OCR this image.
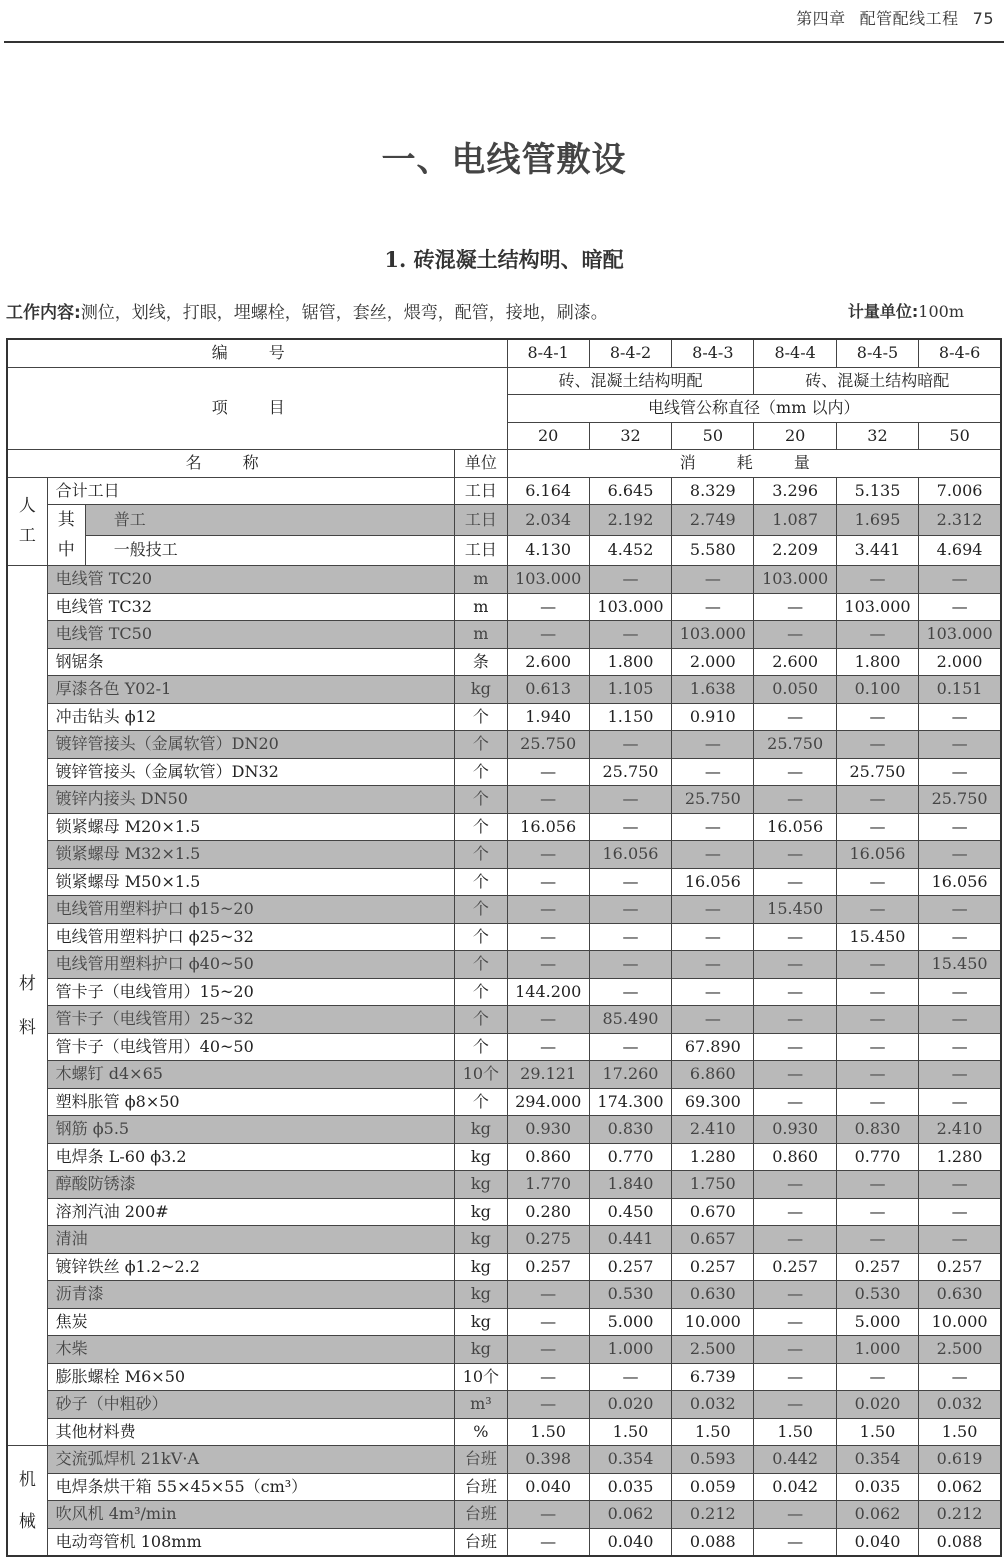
第四章 配管配线工程 75
一、电线管敷设
1. 砖混凝土结构明、暗配
工作内容:测位，划线，打眼，埋螺栓，锯管，套丝，煨弯，配管，接地，刷漆。	计量单位:100m
编 号				8-4-1	8-4-2	8-4-3	8-4-4	8-4-5	8-4-6
项 目				砖、混凝土结构明配			砖、混凝土结构暗配		
				电线管公称直径（mm 以内）					
				20	32	50	20	32	50
名 称			单位	消 耗 量					

人
工	合计工日		工日	6.164	6.645	8.329	3.296	5.135	7.006

	其
中	普工	工日	2.034	2.192	2.749	1.087	1.695	2.312
		一般技工	工日	4.130	4.452	5.580	2.209	3.441	4.694

材
料	电线管 TC20		m	103.000	—	—	103.000	—	—
	电线管 TC32		m	—	103.000	—	—	103.000	—
	电线管 TC50		m	—	—	103.000	—	—	103.000
	钢锯条		条	2.600	1.800	2.000	2.600	1.800	2.000
	厚漆各色 Y02-1		kg	0.613	1.105	1.638	0.050	0.100	0.151
	冲击钻头 ϕ12		个	1.940	1.150	0.910	—	—	—
	镀锌管接头（金属软管）DN20		个	25.750	—	—	25.750	—	—
	镀锌管接头（金属软管）DN32		个	—	25.750	—	—	25.750	—
	镀锌内接头 DN50		个	—	—	25.750	—	—	25.750
	锁紧螺母 M20×1.5		个	16.056	—	—	16.056	—	—
	锁紧螺母 M32×1.5		个	—	16.056	—	—	16.056	—
	锁紧螺母 M50×1.5		个	—	—	16.056	—	—	16.056
	电线管用塑料护口 ϕ15~20		个	—	—	—	15.450	—	—
	电线管用塑料护口 ϕ25~32		个	—	—	—	—	15.450	—
	电线管用塑料护口 ϕ40~50		个	—	—	—	—	—	15.450
	管卡子（电线管用）15~20		个	144.200	—	—	—	—	—
	管卡子（电线管用）25~32		个	—	85.490	—	—	—	—
	管卡子（电线管用）40~50		个	—	—	67.890	—	—	—
	木螺钉 d4×65		10个	29.121	17.260	6.860	—	—	—
	塑料胀管 ϕ8×50		个	294.000	174.300	69.300	—	—	—
	钢筋 ϕ5.5		kg	0.930	0.830	2.410	0.930	0.830	2.410
	电焊条 L-60 ϕ3.2		kg	0.860	0.770	1.280	0.860	0.770	1.280
	醇酸防锈漆		kg	1.770	1.840	1.750	—	—	—
	溶剂汽油 200#		kg	0.280	0.450	0.670	—	—	—
	清油		kg	0.275	0.441	0.657	—	—	—
	镀锌铁丝 ϕ1.2~2.2		kg	0.257	0.257	0.257	0.257	0.257	0.257
	沥青漆		kg	—	0.530	0.630	—	0.530	0.630
	焦炭		kg	—	5.000	10.000	—	5.000	10.000
	木柴		kg	—	1.000	2.500	—	1.000	2.500
	膨胀螺栓 M6×50		10个	—	—	6.739	—	—	—
	砂子（中粗砂）		m³	—	0.020	0.032	—	0.020	0.032
	其他材料费		%	1.50	1.50	1.50	1.50	1.50	1.50

机
械	交流弧焊机 21kV·A		台班	0.398	0.354	0.593	0.442	0.354	0.619
	电焊条烘干箱 55×45×55（cm³）		台班	0.040	0.035	0.059	0.042	0.035	0.062
	吹风机 4m³/min		台班	—	0.062	0.212	—	0.062	0.212
	电动弯管机 108mm		台班	—	0.040	0.088	—	0.040	0.088
